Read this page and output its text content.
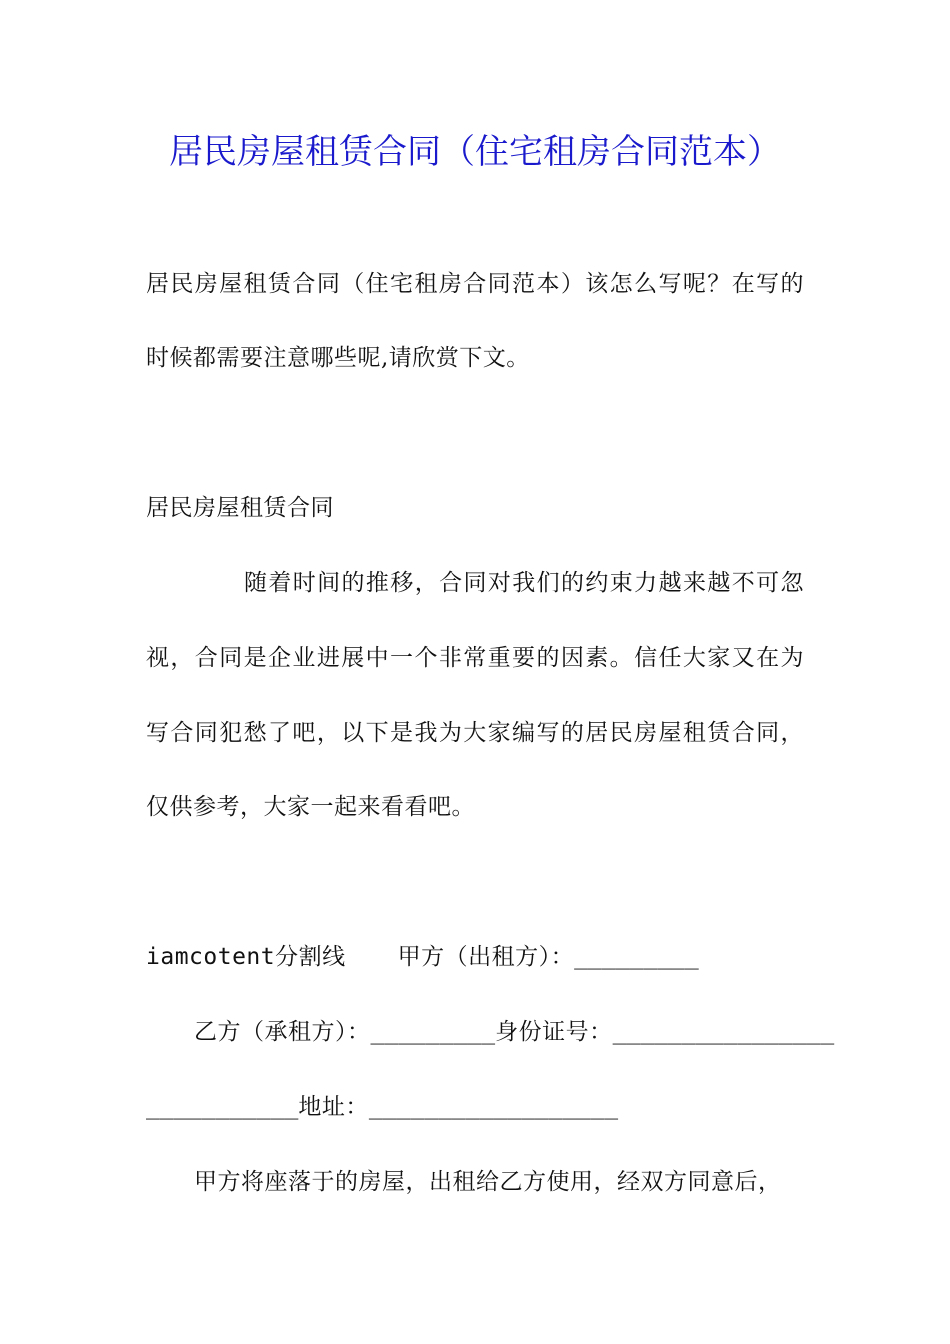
居民房屋租赁合同（住宅租房合同范本）
居民房屋租赁合同（住宅租房合同范本）该怎么写呢？在写的
时候都需要注意哪些呢,请欣赏下文。
居民房屋租赁合同
随着时间的推移，合同对我们的约束力越来越不可忽
视，合同是企业进展中一个非常重要的因素。信任大家又在为
写合同犯愁了吧，以下是我为大家编写的居民房屋租赁合同，
仅供参考，大家一起来看看吧。
iamcotent分割线 甲方（出租方）：_________
乙方（承租方）：_________身份证号：________________
___________地址：__________________
甲方将座落于的房屋，出租给乙方使用，经双方同意后，
